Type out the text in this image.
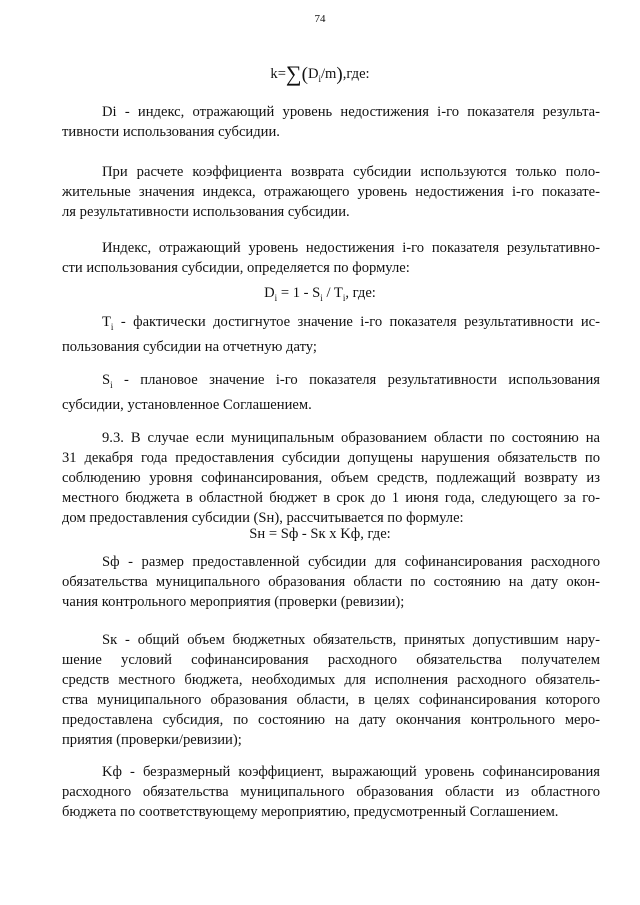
74
$k=\sum(D_i/m),где$:
Di - индекс, отражающий уровень недостижения i-го показателя результа-
тивности использования субсидии.
При расчете коэффициента возврата субсидии используются только поло-
жительные значения индекса, отражающего уровень недостижения i-го показате-
ля результативности использования субсидии.
Индекс, отражающий уровень недостижения i-го показателя результативно-
сти использования субсидии, определяется по формуле:
$D_i = 1 - S_i / T_i$, где:
$T_i$ - фактически достигнутое значение i-го показателя результативности ис-
пользования субсидии на отчетную дату;
$S_i$ - плановое значение i-го показателя результативности использования
субсидии, установленное Соглашением.
9.3. В случае если муниципальным образованием области по состоянию на
31 декабря года предоставления субсидии допущены нарушения обязательств по
соблюдению уровня софинансирования, объем средств, подлежащий возврату из
местного бюджета в областной бюджет в срок до 1 июня года, следующего за го-
дом предоставления субсидии (Sн), рассчитывается по формуле:
Sн = Sф - Sк x Kф, где:
Sф - размер предоставленной субсидии для софинансирования расходного
обязательства муниципального образования области по состоянию на дату окон-
чания контрольного мероприятия (проверки (ревизии);
Sк - общий объем бюджетных обязательств, принятых допустившим нару-
шение условий софинансирования расходного обязательства получателем
средств местного бюджета, необходимых для исполнения расходного обязатель-
ства муниципального образования области, в целях софинансирования которого
предоставлена субсидия, по состоянию на дату окончания контрольного меро-
приятия (проверки/ревизии);
Kф - безразмерный коэффициент, выражающий уровень софинансирования
расходного обязательства муниципального образования области из областного
бюджета по соответствующему мероприятию, предусмотренный Соглашением.
